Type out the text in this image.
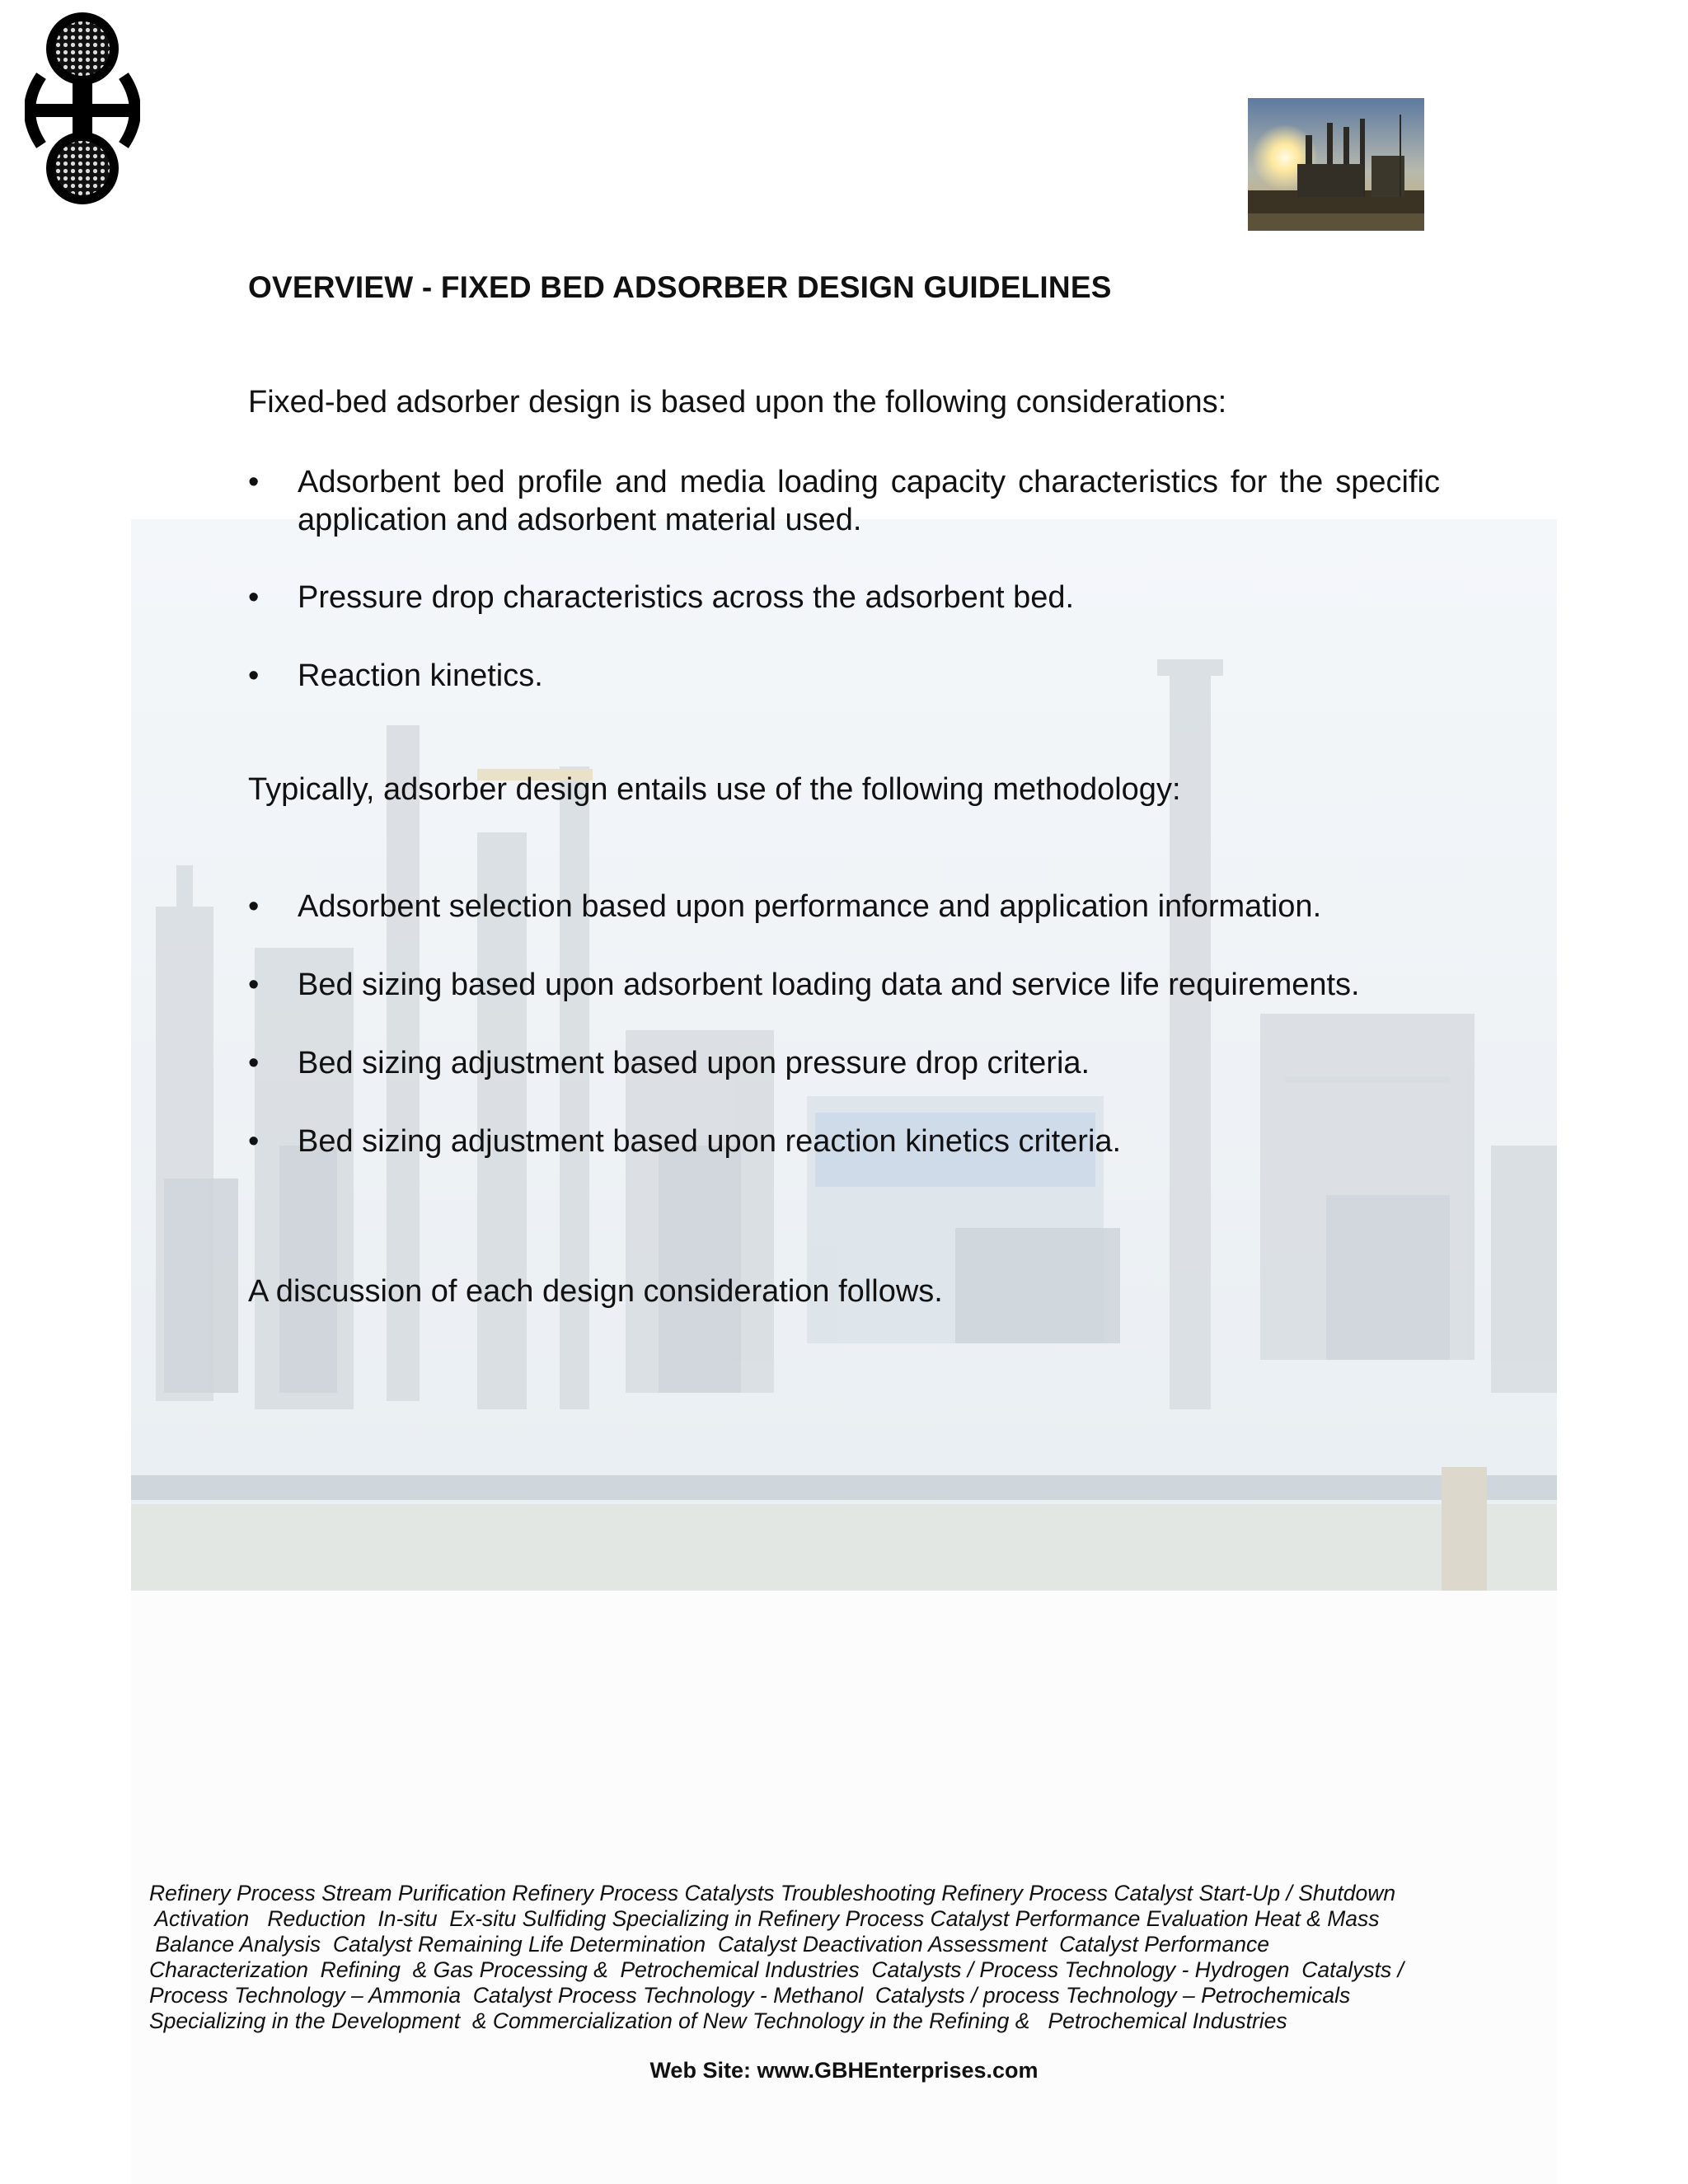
OVERVIEW - FIXED BED ADSORBER DESIGN GUIDELINES
Fixed-bed adsorber design is based upon the following considerations:
•	Adsorbent bed profile and media loading capacity characteristics for the specific application and adsorbent material used.
•	Pressure drop characteristics across the adsorbent bed.
•	Reaction kinetics.
Typically, adsorber design entails use of the following methodology:
•	Adsorbent selection based upon performance and application information.
•	Bed sizing based upon adsorbent loading data and service life requirements.
•	Bed sizing adjustment based upon pressure drop criteria.
•	Bed sizing adjustment based upon reaction kinetics criteria.
A discussion of each design consideration follows.
Refinery Process Stream Purification Refinery Process Catalysts Troubleshooting Refinery Process Catalyst Start-Up / Shutdown
Activation   Reduction  In-situ  Ex-situ Sulfiding Specializing in Refinery Process Catalyst Performance Evaluation Heat & Mass
Balance Analysis  Catalyst Remaining Life Determination  Catalyst Deactivation Assessment  Catalyst Performance
Characterization  Refining  & Gas Processing &  Petrochemical Industries  Catalysts / Process Technology - Hydrogen  Catalysts /
Process Technology – Ammonia  Catalyst Process Technology - Methanol  Catalysts / process Technology – Petrochemicals
Specializing in the Development  & Commercialization of New Technology in the Refining &   Petrochemical Industries
Web Site: www.GBHEnterprises.com
